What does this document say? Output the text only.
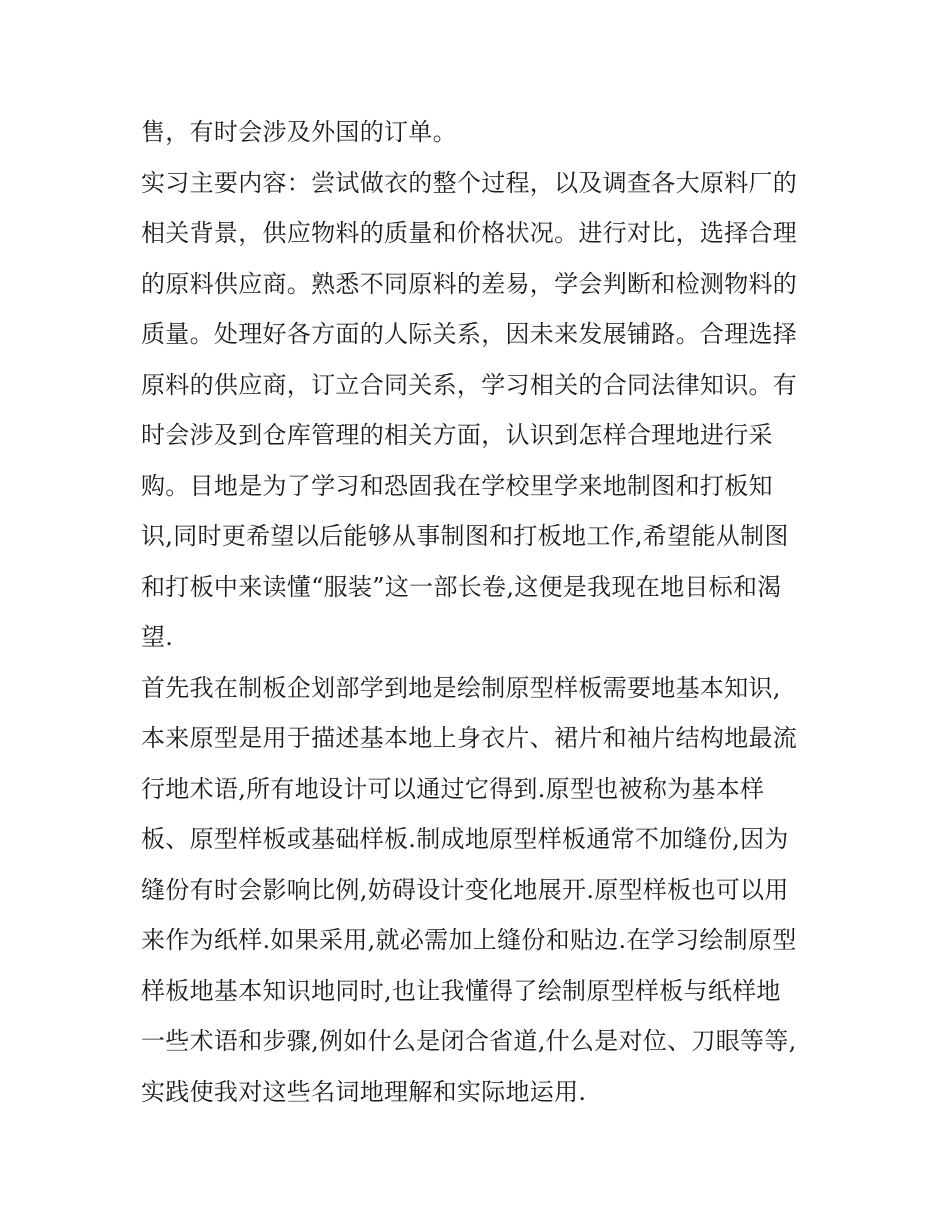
售，有时会涉及外国的订单。
实习主要内容：尝试做衣的整个过程，以及调查各大原料厂的
相关背景，供应物料的质量和价格状况。进行对比，选择合理
的原料供应商。熟悉不同原料的差易，学会判断和检测物料的
质量。处理好各方面的人际关系，因未来发展铺路。合理选择
原料的供应商，订立合同关系，学习相关的合同法律知识。有
时会涉及到仓库管理的相关方面，认识到怎样合理地进行采
购。目地是为了学习和恐固我在学校里学来地制图和打板知
识,同时更希望以后能够从事制图和打板地工作,希望能从制图
和打板中来读懂“服装”这一部长卷,这便是我现在地目标和渴
望.
首先我在制板企划部学到地是绘制原型样板需要地基本知识,
本来原型是用于描述基本地上身衣片、裙片和袖片结构地最流
行地术语,所有地设计可以通过它得到.原型也被称为基本样
板、原型样板或基础样板.制成地原型样板通常不加缝份,因为
缝份有时会影响比例,妨碍设计变化地展开.原型样板也可以用
来作为纸样.如果采用,就必需加上缝份和贴边.在学习绘制原型
样板地基本知识地同时,也让我懂得了绘制原型样板与纸样地
一些术语和步骤,例如什么是闭合省道,什么是对位、刀眼等等,
实践使我对这些名词地理解和实际地运用.
